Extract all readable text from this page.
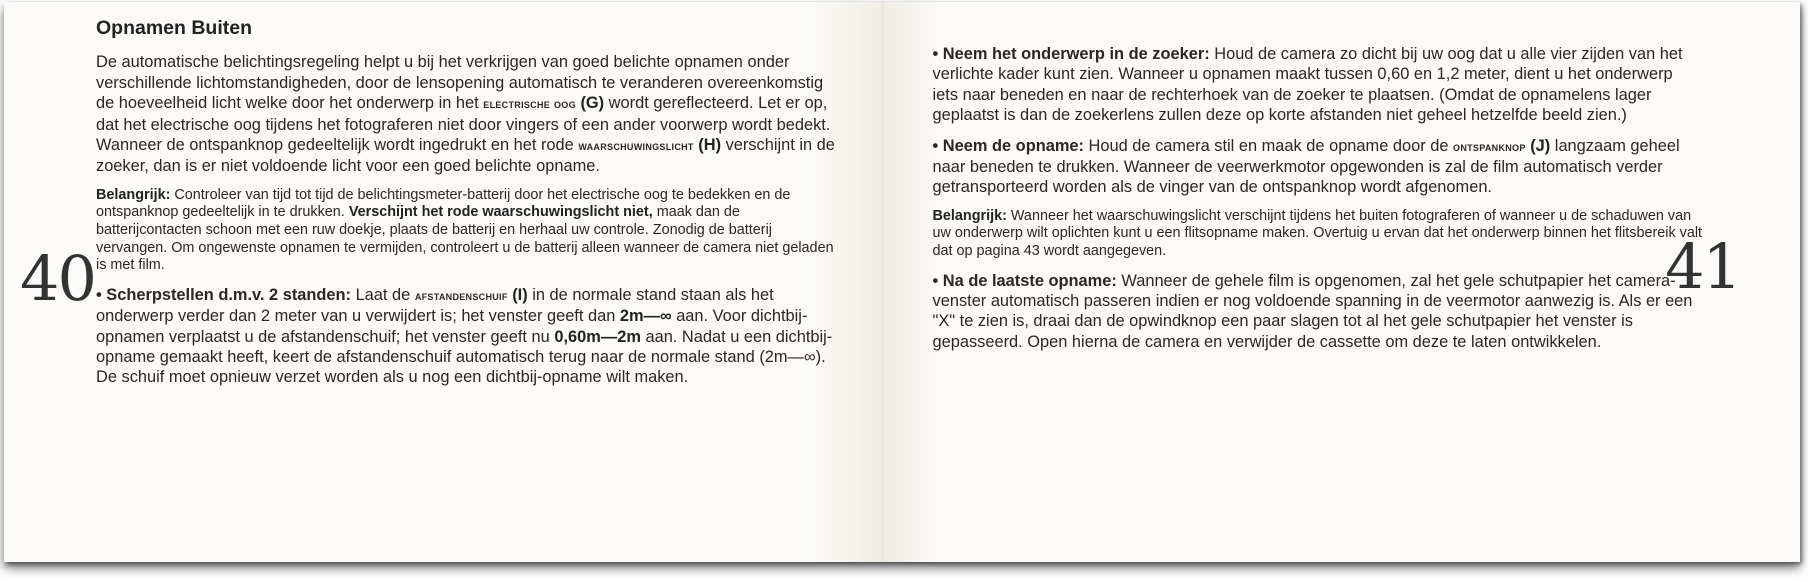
40
Opnamen Buiten

De automatische belichtingsregeling helpt u bij het verkrijgen van goed belichte opnamen onder verschillende lichtomstandigheden, door de lensopening automatisch te veranderen overeenkomstig de hoeveelheid licht welke door het onderwerp in het electrische oog (G) wordt gereflecteerd. Let er op, dat het electrische oog tijdens het fotograferen niet door vingers of een ander voorwerp wordt bedekt. Wanneer de ontspanknop gedeeltelijk wordt ingedrukt en het rode waarschuwingslicht (H) verschijnt in de zoeker, dan is er niet voldoende licht voor een goed belichte opname.

Belangrijk: Controleer van tijd tot tijd de belichtingsmeter-batterij door het electrische oog te bedekken en de ontspanknop gedeeltelijk in te drukken. Verschijnt het rode waarschuwingslicht niet, maak dan de batterijcontacten schoon met een ruw doekje, plaats de batterij en herhaal uw controle. Zonodig de batterij vervangen. Om ongewenste opnamen te vermijden, controleert u de batterij alleen wanneer de camera niet geladen is met film.

• Scherpstellen d.m.v. 2 standen: Laat de afstandenschuif (I) in de normale stand staan als het onderwerp verder dan 2 meter van u verwijdert is; het venster geeft dan 2m—∞ aan. Voor dichtbij-opnamen verplaatst u de afstandenschuif; het venster geeft nu 0,60m—2m aan. Nadat u een dichtbij-opname gemaakt heeft, keert de afstandenschuif automatisch terug naar de normale stand (2m—∞). De schuif moet opnieuw verzet worden als u nog een dichtbij-opname wilt maken.

41

• Neem het onderwerp in de zoeker: Houd de camera zo dicht bij uw oog dat u alle vier zijden van het verlichte kader kunt zien. Wanneer u opnamen maakt tussen 0,60 en 1,2 meter, dient u het onderwerp iets naar beneden en naar de rechterhoek van de zoeker te plaatsen. (Omdat de opnamelens lager geplaatst is dan de zoekerlens zullen deze op korte afstanden niet geheel hetzelfde beeld zien.)

• Neem de opname: Houd de camera stil en maak de opname door de ontspanknop (J) langzaam geheel naar beneden te drukken. Wanneer de veerwerkmotor opgewonden is zal de film automatisch verder getransporteerd worden als de vinger van de ontspanknop wordt afgenomen.

Belangrijk: Wanneer het waarschuwingslicht verschijnt tijdens het buiten fotograferen of wanneer u de schaduwen van uw onderwerp wilt oplichten kunt u een flitsopname maken. Overtuig u ervan dat het onderwerp binnen het flitsbereik valt dat op pagina 43 wordt aangegeven.

• Na de laatste opname: Wanneer de gehele film is opgenomen, zal het gele schutpapier het camera-venster automatisch passeren indien er nog voldoende spanning in de veermotor aanwezig is. Als er een "X" te zien is, draai dan de opwindknop een paar slagen tot al het gele schutpapier het venster is gepasseerd. Open hierna de camera en verwijder de cassette om deze te laten ontwikkelen.
